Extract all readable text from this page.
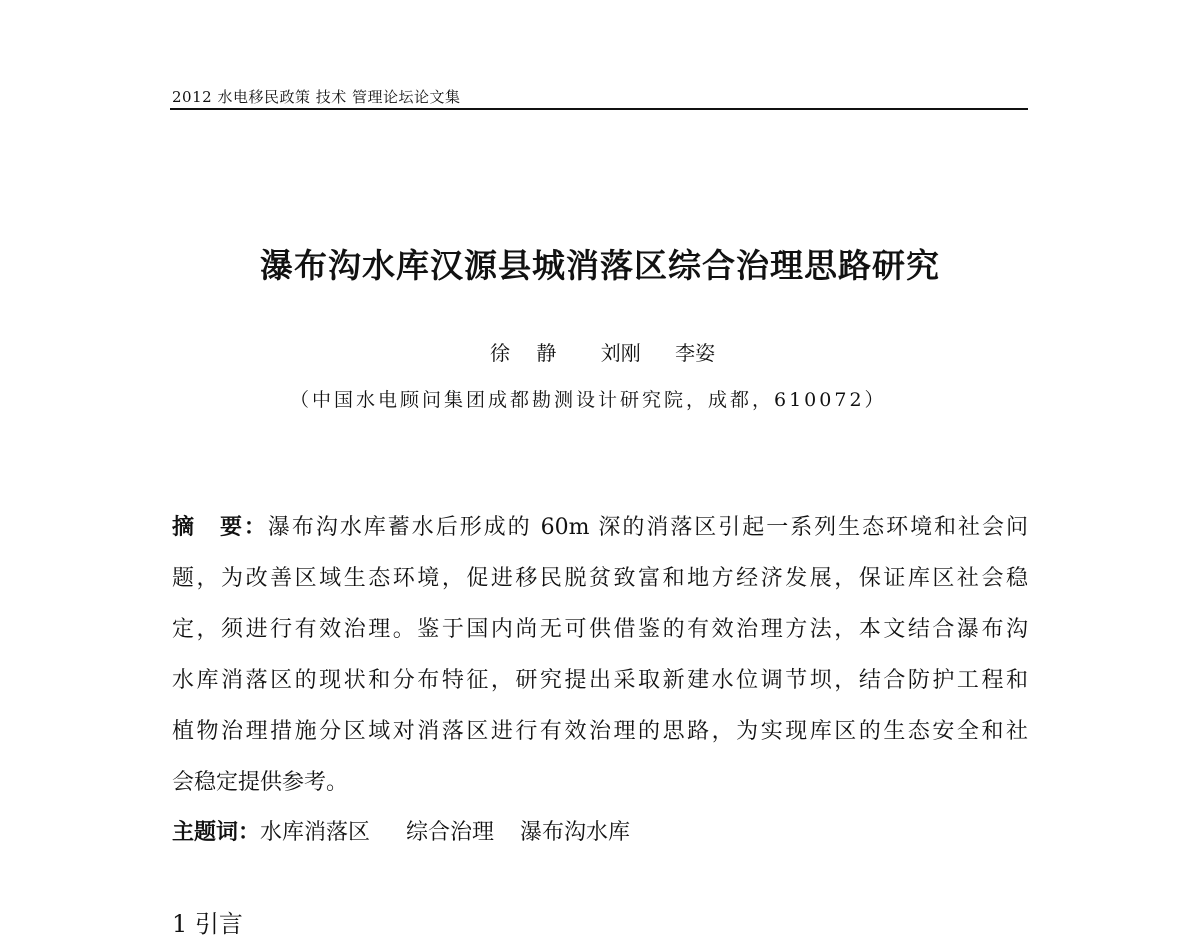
2012 水电移民政策 技术 管理论坛论文集
瀑布沟水库汉源县城消落区综合治理思路研究
徐 静 刘刚 李姿
（中国水电顾问集团成都勘测设计研究院，成都，610072）
摘　要：瀑布沟水库蓄水后形成的 60m 深的消落区引起一系列生态环境和社会问
题，为改善区域生态环境，促进移民脱贫致富和地方经济发展，保证库区社会稳
定，须进行有效治理。鉴于国内尚无可供借鉴的有效治理方法，本文结合瀑布沟
水库消落区的现状和分布特征，研究提出采取新建水位调节坝，结合防护工程和
植物治理措施分区域对消落区进行有效治理的思路，为实现库区的生态安全和社
会稳定提供参考。
主题词：水库消落区 综合治理 瀑布沟水库
1 引言
